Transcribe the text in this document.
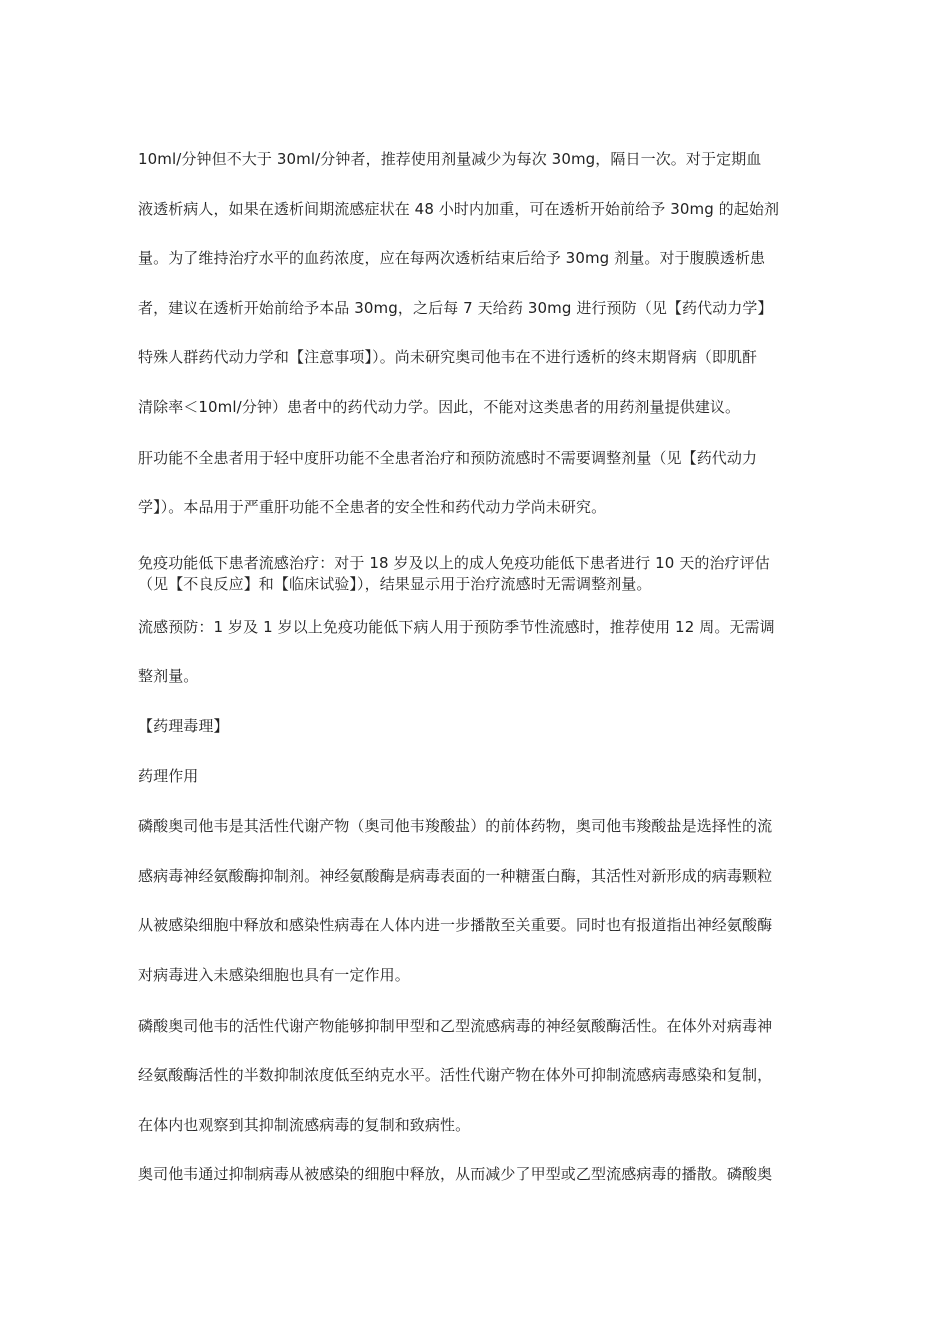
10ml/分钟但不大于 30ml/分钟者，推荐使用剂量减少为每次 30mg，隔日一次。对于定期血
液透析病人，如果在透析间期流感症状在 48 小时内加重，可在透析开始前给予 30mg 的起始剂
量。为了维持治疗水平的血药浓度，应在每两次透析结束后给予 30mg 剂量。对于腹膜透析患
者，建议在透析开始前给予本品 30mg，之后每 7 天给药 30mg 进行预防（见【药代动力学】
特殊人群药代动力学和【注意事项】）。尚未研究奥司他韦在不进行透析的终末期肾病（即肌酐
清除率＜10ml/分钟）患者中的药代动力学。因此，不能对这类患者的用药剂量提供建议。
肝功能不全患者用于轻中度肝功能不全患者治疗和预防流感时不需要调整剂量（见【药代动力
学】）。本品用于严重肝功能不全患者的安全性和药代动力学尚未研究。
免疫功能低下患者流感治疗：对于 18 岁及以上的成人免疫功能低下患者进行 10 天的治疗评估
（见【不良反应】和【临床试验】），结果显示用于治疗流感时无需调整剂量。
流感预防：1 岁及 1 岁以上免疫功能低下病人用于预防季节性流感时，推荐使用 12 周。无需调
整剂量。
【药理毒理】
药理作用
磷酸奥司他韦是其活性代谢产物（奥司他韦羧酸盐）的前体药物，奥司他韦羧酸盐是选择性的流
感病毒神经氨酸酶抑制剂。神经氨酸酶是病毒表面的一种糖蛋白酶，其活性对新形成的病毒颗粒
从被感染细胞中释放和感染性病毒在人体内进一步播散至关重要。同时也有报道指出神经氨酸酶
对病毒进入未感染细胞也具有一定作用。
磷酸奥司他韦的活性代谢产物能够抑制甲型和乙型流感病毒的神经氨酸酶活性。在体外对病毒神
经氨酸酶活性的半数抑制浓度低至纳克水平。活性代谢产物在体外可抑制流感病毒感染和复制，
在体内也观察到其抑制流感病毒的复制和致病性。
奥司他韦通过抑制病毒从被感染的细胞中释放，从而减少了甲型或乙型流感病毒的播散。磷酸奥
